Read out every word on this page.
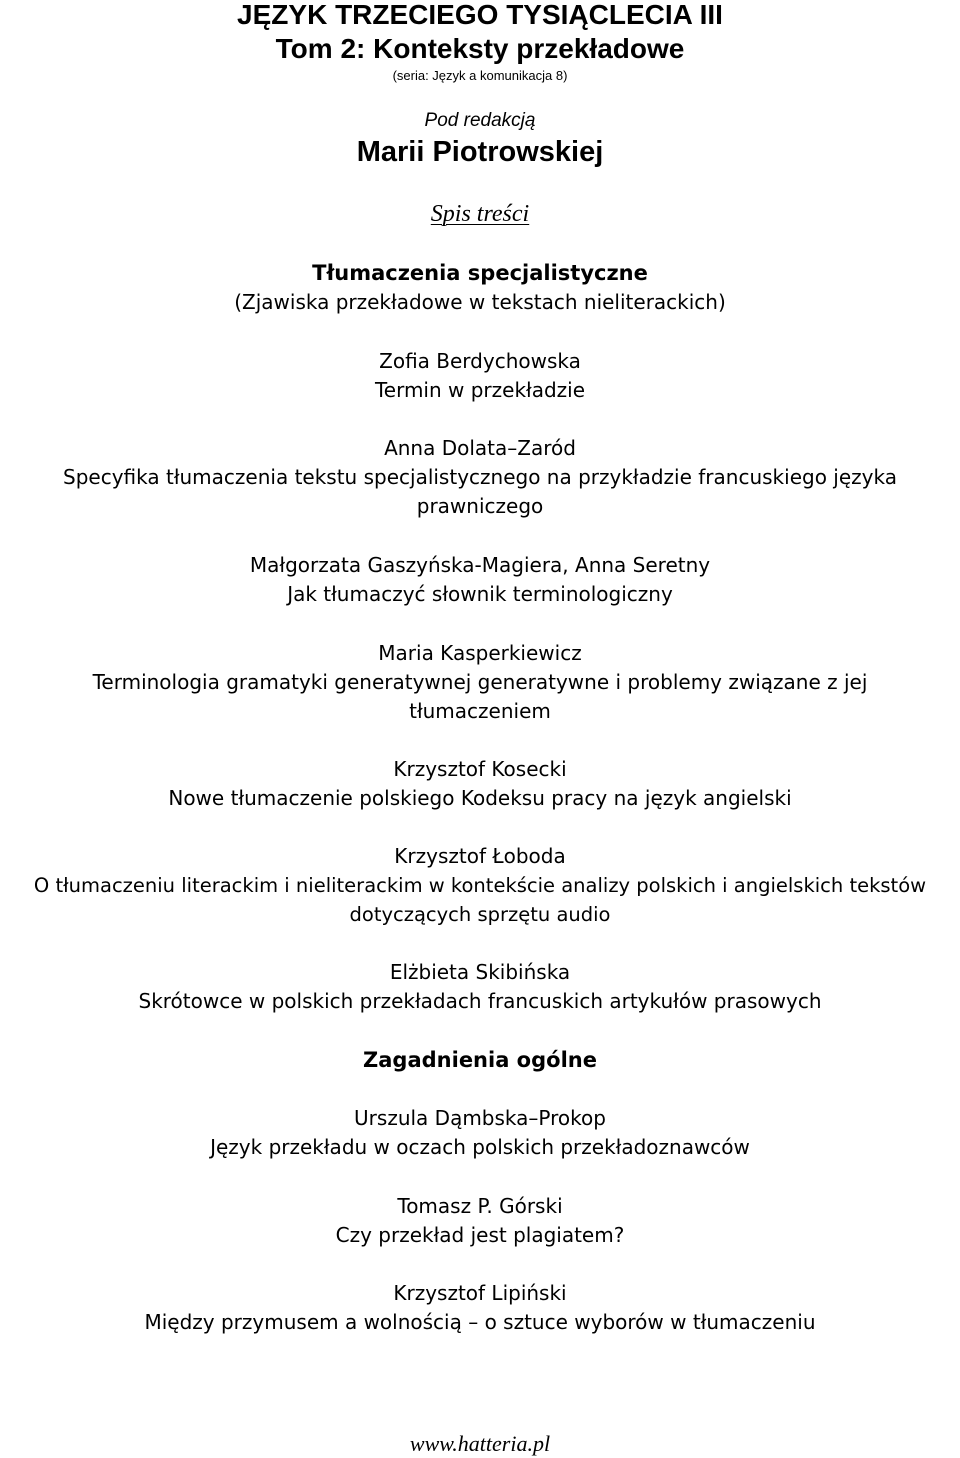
JĘZYK TRZECIEGO TYSIĄCLECIA III
Tom 2: Konteksty przekładowe
(seria: Język a komunikacja 8)
Pod redakcją
Marii Piotrowskiej
Spis treści
Tłumaczenia specjalistyczne
(Zjawiska przekładowe w tekstach nieliterackich)
Zofia Berdychowska
Termin w przekładzie
Anna Dolata–Zaród
Specyfika tłumaczenia tekstu specjalistycznego na przykładzie francuskiego języka prawniczego
Małgorzata Gaszyńska-Magiera, Anna Seretny
Jak tłumaczyć słownik terminologiczny
Maria Kasperkiewicz
Terminologia gramatyki generatywnej generatywne i problemy związane z jej tłumaczeniem
Krzysztof Kosecki
Nowe tłumaczenie polskiego Kodeksu pracy na język angielski
Krzysztof Łoboda
O tłumaczeniu literackim i nieliterackim w kontekście analizy polskich i angielskich tekstów dotyczących sprzętu audio
Elżbieta Skibińska
Skrótowce w polskich przekładach francuskich artykułów prasowych
Zagadnienia ogólne
Urszula Dąmbska–Prokop
Język przekładu w oczach polskich przekładoznawców
Tomasz P. Górski
Czy przekład jest plagiatem?
Krzysztof Lipiński
Między przymusem a wolnością – o sztuce wyborów w tłumaczeniu
www.hatteria.pl
